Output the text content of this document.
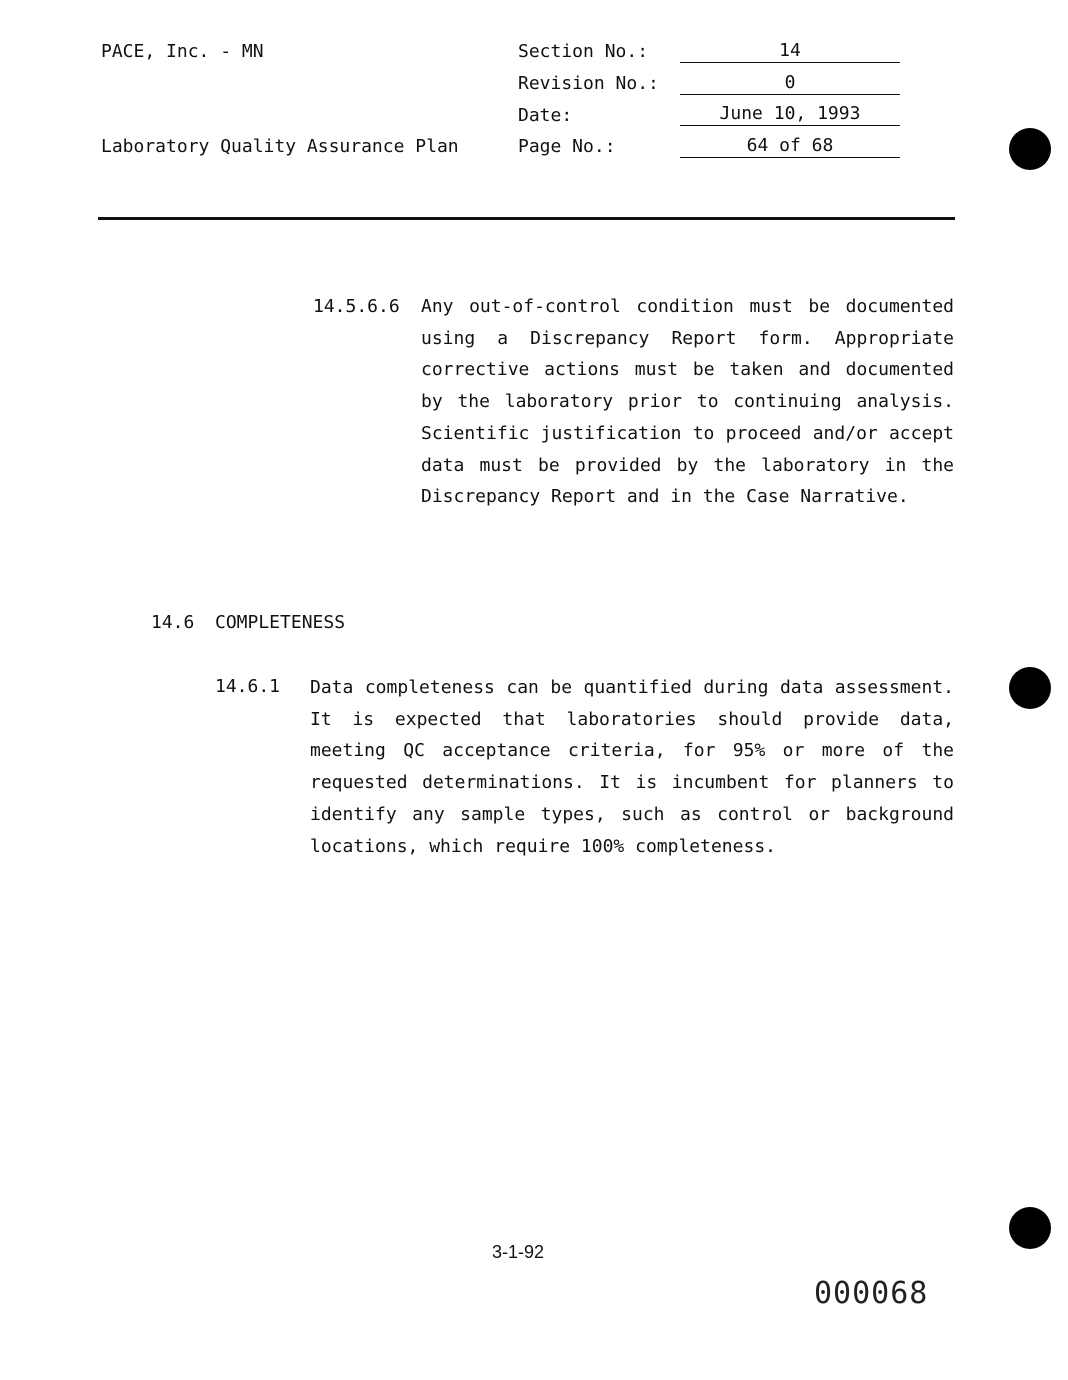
PACE, Inc. - MN
Laboratory Quality Assurance Plan
Section No.:	14
Revision No.:	0
Date:	June 10, 1993
Page No.:	64 of 68
14.5.6.6 Any out-of-control condition must be documented using a Discrepancy Report form. Appropriate corrective actions must be taken and documented by the laboratory prior to continuing analysis. Scientific justification to proceed and/or accept data must be provided by the laboratory in the Discrepancy Report and in the Case Narrative.
14.6 COMPLETENESS
14.6.1 Data completeness can be quantified during data assessment. It is expected that laboratories should provide data, meeting QC acceptance criteria, for 95% or more of the requested determinations. It is incumbent for planners to identify any sample types, such as control or background locations, which require 100% completeness.
3-1-92
000068
